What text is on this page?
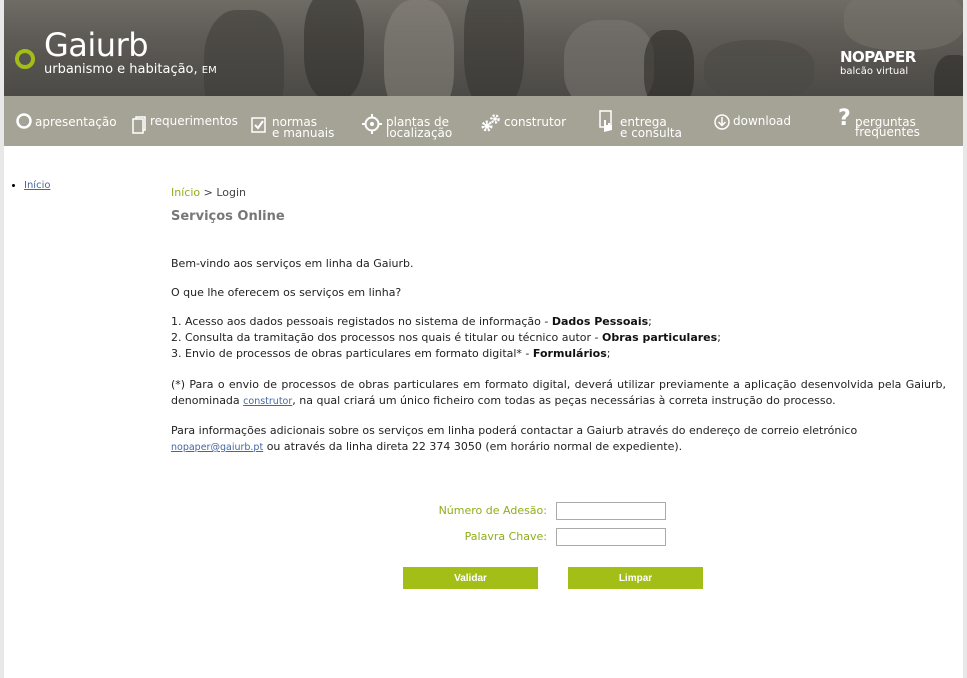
Gaiurb
urbanismo e habitação, EM
NOPAPER
balcão virtual
apresentação	requerimentos	normas
e manuais
plantas de
localização
construtor	entrega
e consulta
download ? perguntas
frequentes
• Início
Início > Login
Serviços Online
Bem-vindo aos serviços em linha da Gaiurb.
O que lhe oferecem os serviços em linha?
1. Acesso aos dados pessoais registados no sistema de informação - Dados Pessoais;
2. Consulta da tramitação dos processos nos quais é titular ou técnico autor - Obras particulares;
3. Envio de processos de obras particulares em formato digital* - Formulários;
(*) Para o envio de processos de obras particulares em formato digital, deverá utilizar previamente a aplicação desenvolvida pela Gaiurb, denominada construtor, na qual criará um único ficheiro com todas as peças necessárias à correta instrução do processo.
Para informações adicionais sobre os serviços em linha poderá contactar a Gaiurb através do endereço de correio eletrónico nopaper@gaiurb.pt ou através da linha direta 22 374 3050 (em horário normal de expediente).
Número de Adesão:
Palavra Chave:
Validar	Limpar
